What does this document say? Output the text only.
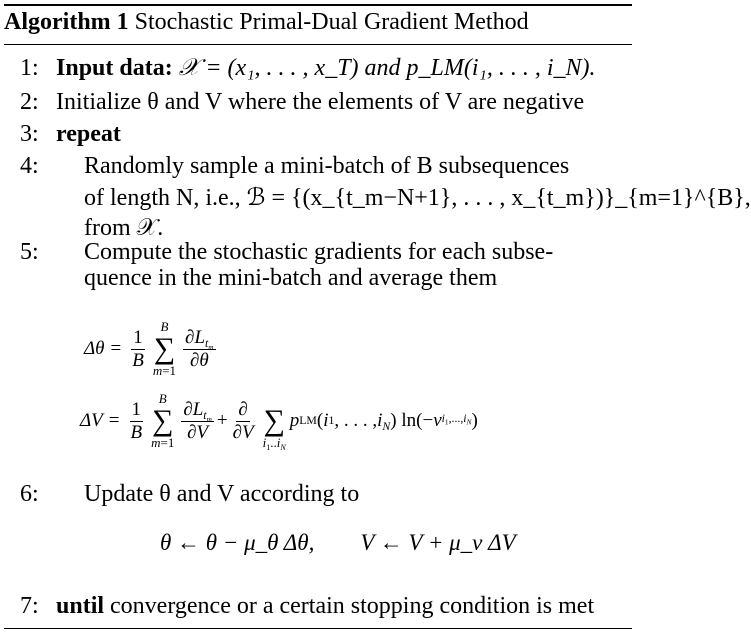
Algorithm 1 Stochastic Primal-Dual Gradient Method
1: Input data: 𝒳 = (x₁, . . . , x_T) and p_LM(i₁, . . . , i_N).
2: Initialize θ and V where the elements of V are negative
3: repeat
4: Randomly sample a mini-batch of B subsequences
of length N, i.e., ℬ = {(x_{t_m−N+1}, . . . , x_{t_m})}_{m=1}^{B},
from 𝒳.
5: Compute the stochastic gradients for each subse-
quence in the mini-batch and average them
$\Delta\theta = \frac{1}{B}$ B
∑
$m=1 \frac{\partial L_{t_m}}{\partial\theta}$
$\Delta V = \frac{1}{B}$ B
∑
$m=1 \frac{\partial L_{t_m}}{\partial V} + \frac{\partial}{\partial V}$
∑
$i_1..i_N$
p LM ( i 1 , . . . , $i_N$ ) ln(− ν $i_1,...,i_N$ )
6: Update θ and V according to
θ ← θ − μ_θ Δθ,        V ← V + μ_v ΔV
7: until convergence or a certain stopping condition is met
